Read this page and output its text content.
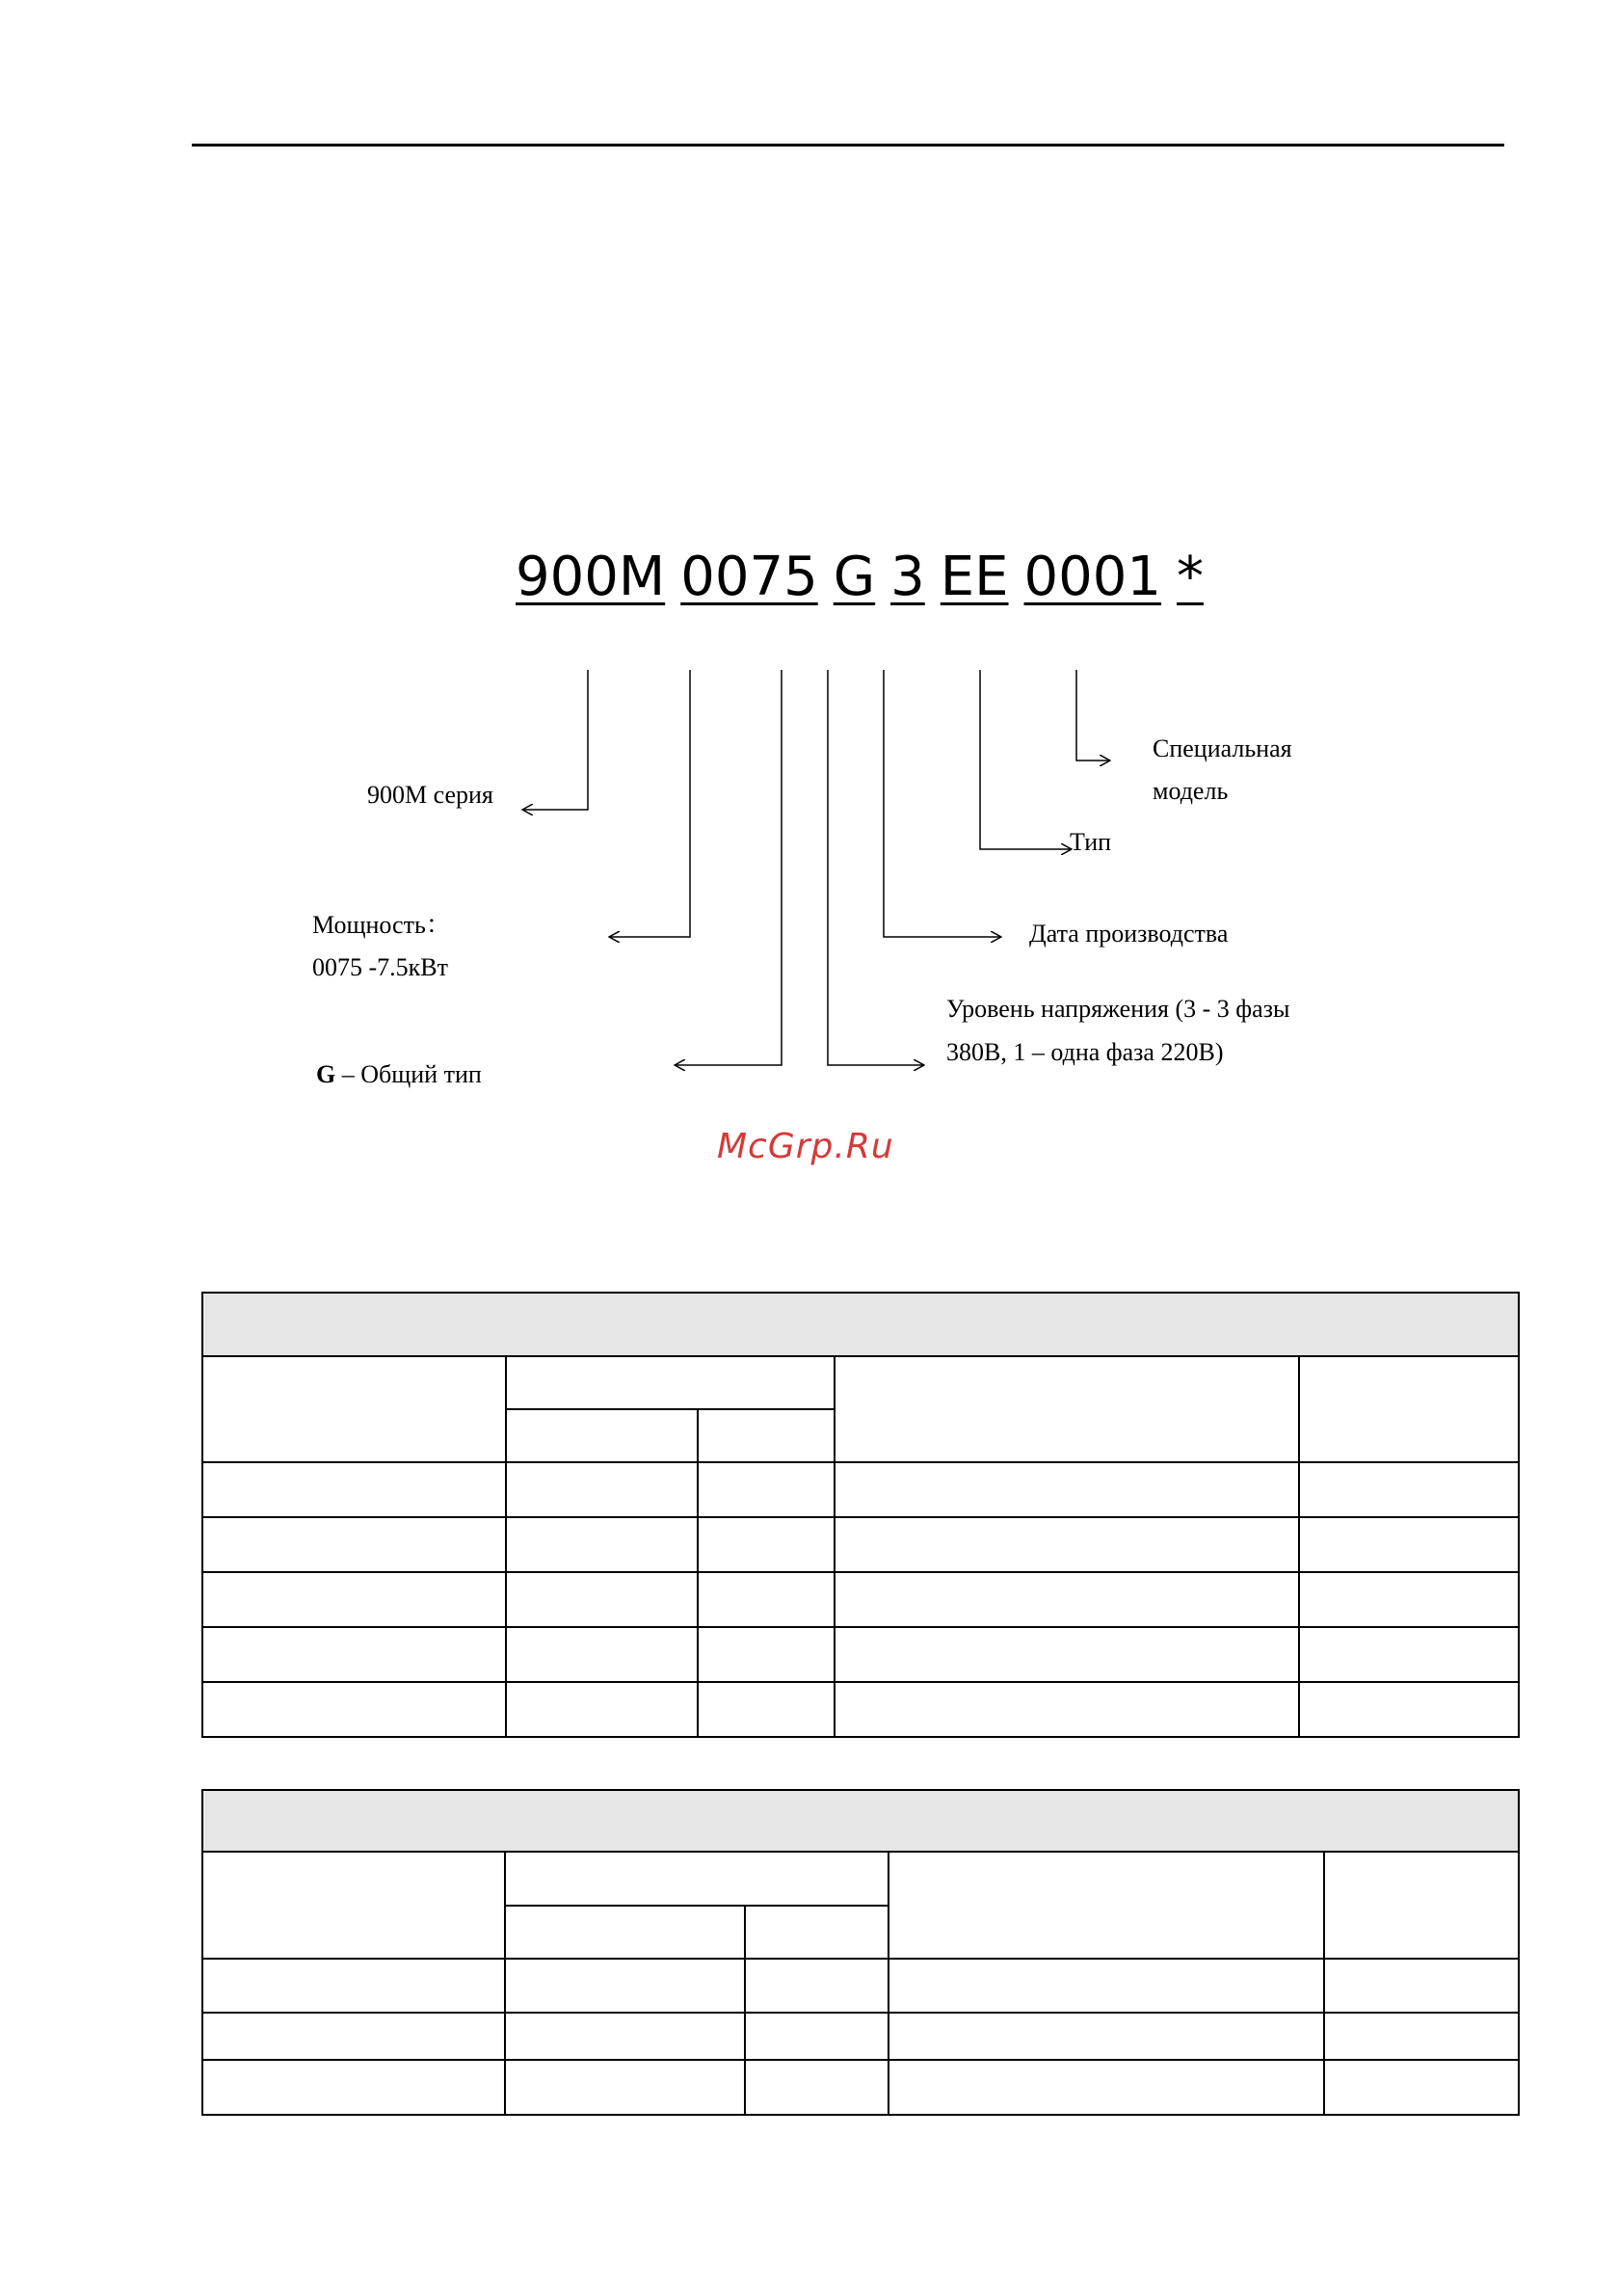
900M 0075 G 3 EE 0001 *
900M серия
Мощность：
0075 -7.5кВт
G – Общий тип
Специальная
модель
Тип
Дата производства
Уровень напряжения (3 - 3 фазы
380В, 1 – одна фаза 220В)
McGrp.Ru
